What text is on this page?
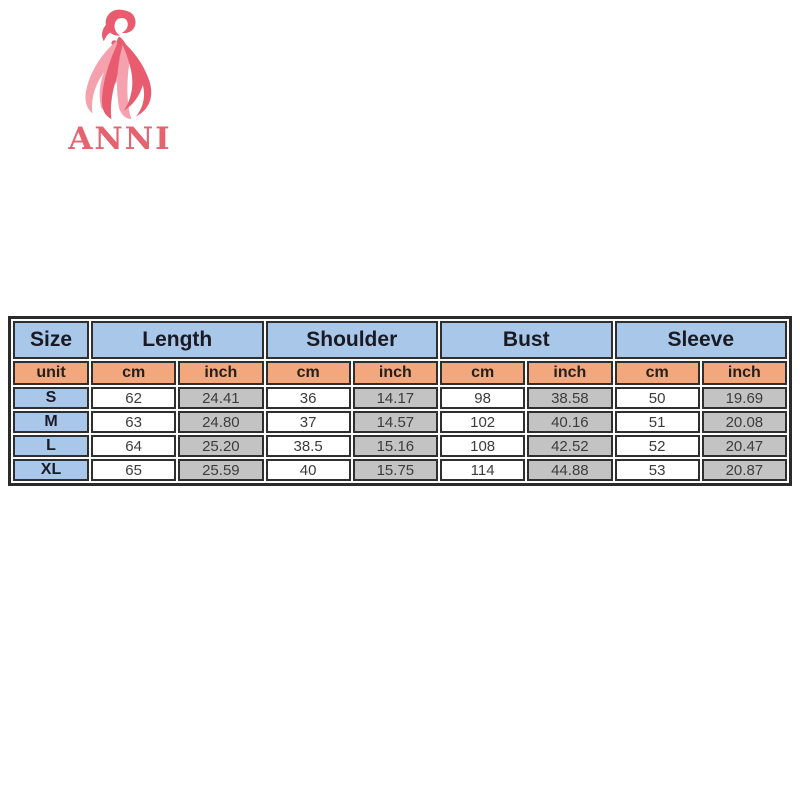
ANNI
Size	Length		Shoulder		Bust		Sleeve	
unit	cm	inch	cm	inch	cm	inch	cm	inch
S	62	24.41	36	14.17	98	38.58	50	19.69
M	63	24.80	37	14.57	102	40.16	51	20.08
L	64	25.20	38.5	15.16	108	42.52	52	20.47
XL	65	25.59	40	15.75	114	44.88	53	20.87
